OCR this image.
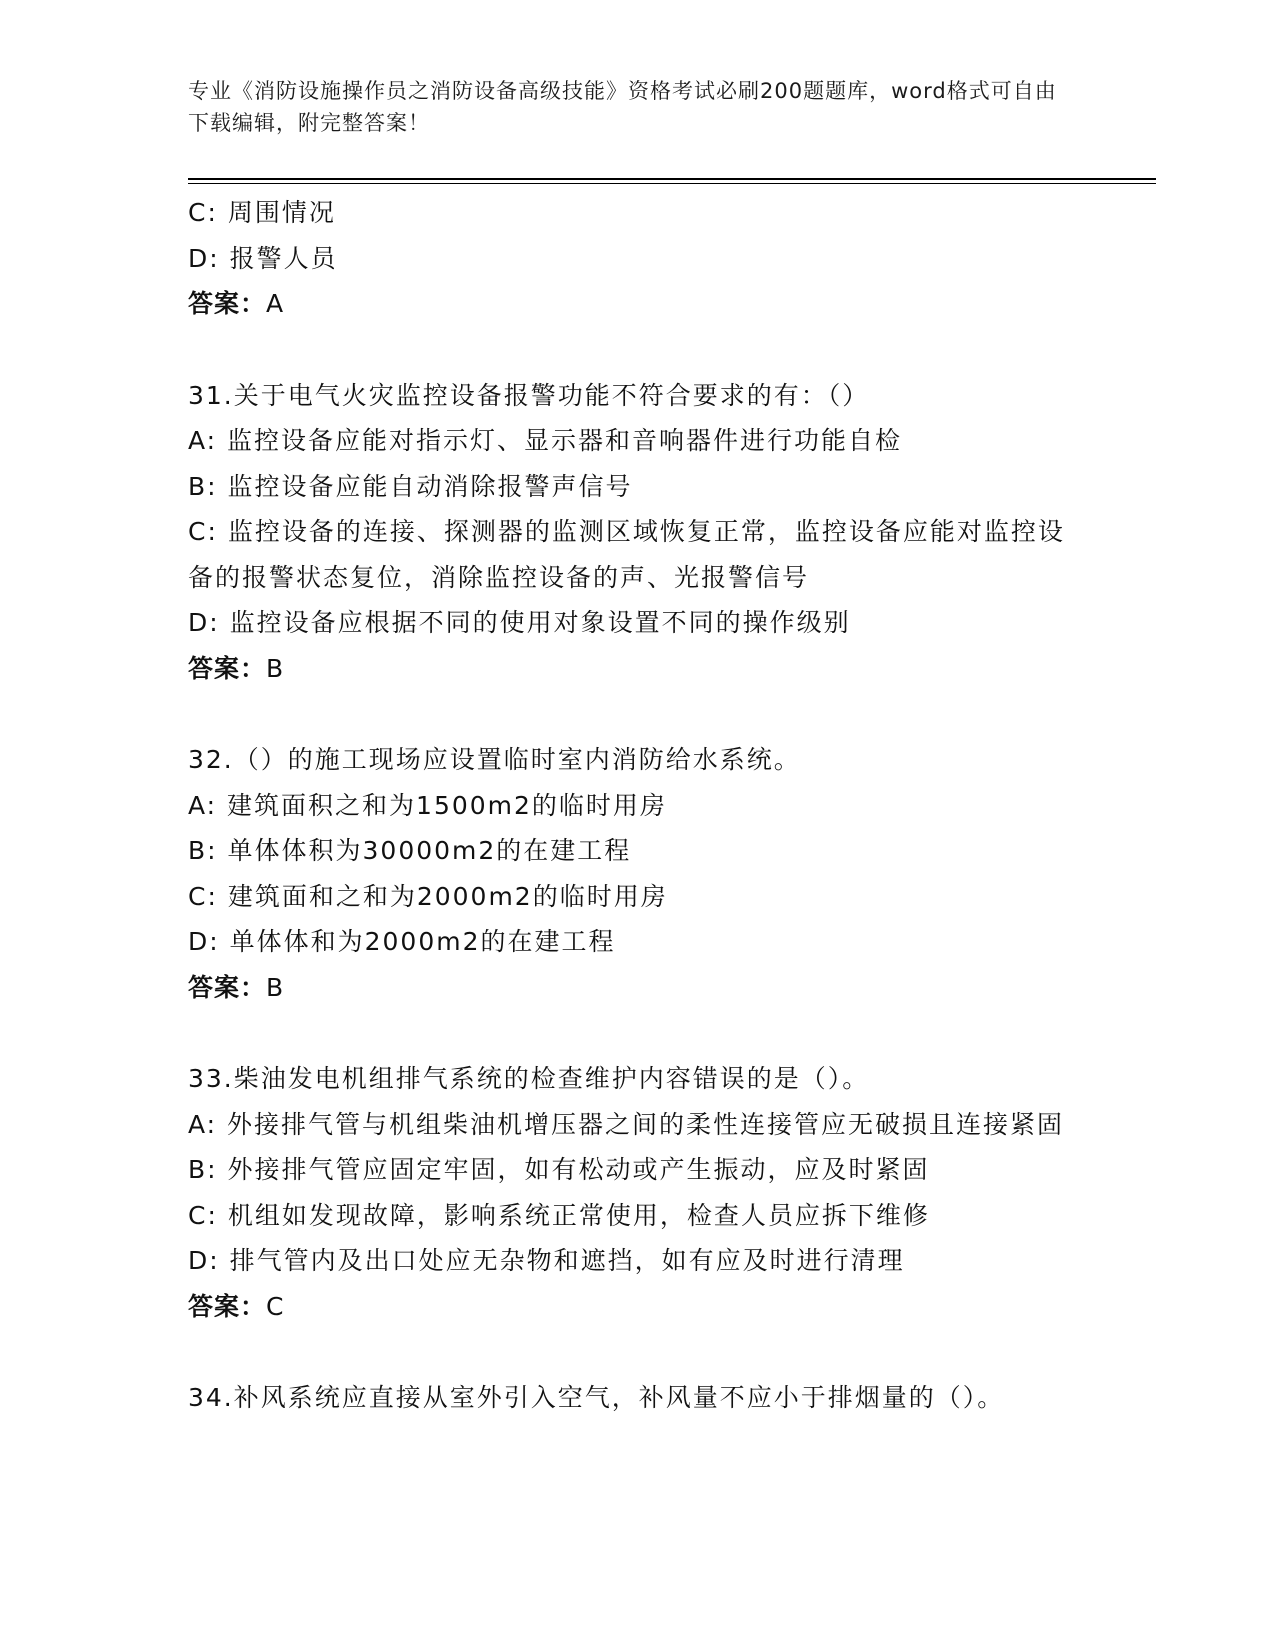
专业《消防设施操作员之消防设备高级技能》资格考试必刷200题题库，word格式可自由下载编辑，附完整答案！
C: 周围情况
D: 报警人员
答案：A
31.关于电气火灾监控设备报警功能不符合要求的有：（）
A: 监控设备应能对指示灯、显示器和音响器件进行功能自检
B: 监控设备应能自动消除报警声信号
C: 监控设备的连接、探测器的监测区域恢复正常，监控设备应能对监控设备的报警状态复位，消除监控设备的声、光报警信号
D: 监控设备应根据不同的使用对象设置不同的操作级别
答案：B
32.（）的施工现场应设置临时室内消防给水系统。
A: 建筑面积之和为1500m2的临时用房
B: 单体体积为30000m2的在建工程
C: 建筑面和之和为2000m2的临时用房
D: 单体体和为2000m2的在建工程
答案：B
33.柴油发电机组排气系统的检查维护内容错误的是（）。
A: 外接排气管与机组柴油机增压器之间的柔性连接管应无破损且连接紧固
B: 外接排气管应固定牢固，如有松动或产生振动，应及时紧固
C: 机组如发现故障，影响系统正常使用，检查人员应拆下维修
D: 排气管内及出口处应无杂物和遮挡，如有应及时进行清理
答案：C
34.补风系统应直接从室外引入空气，补风量不应小于排烟量的（）。
